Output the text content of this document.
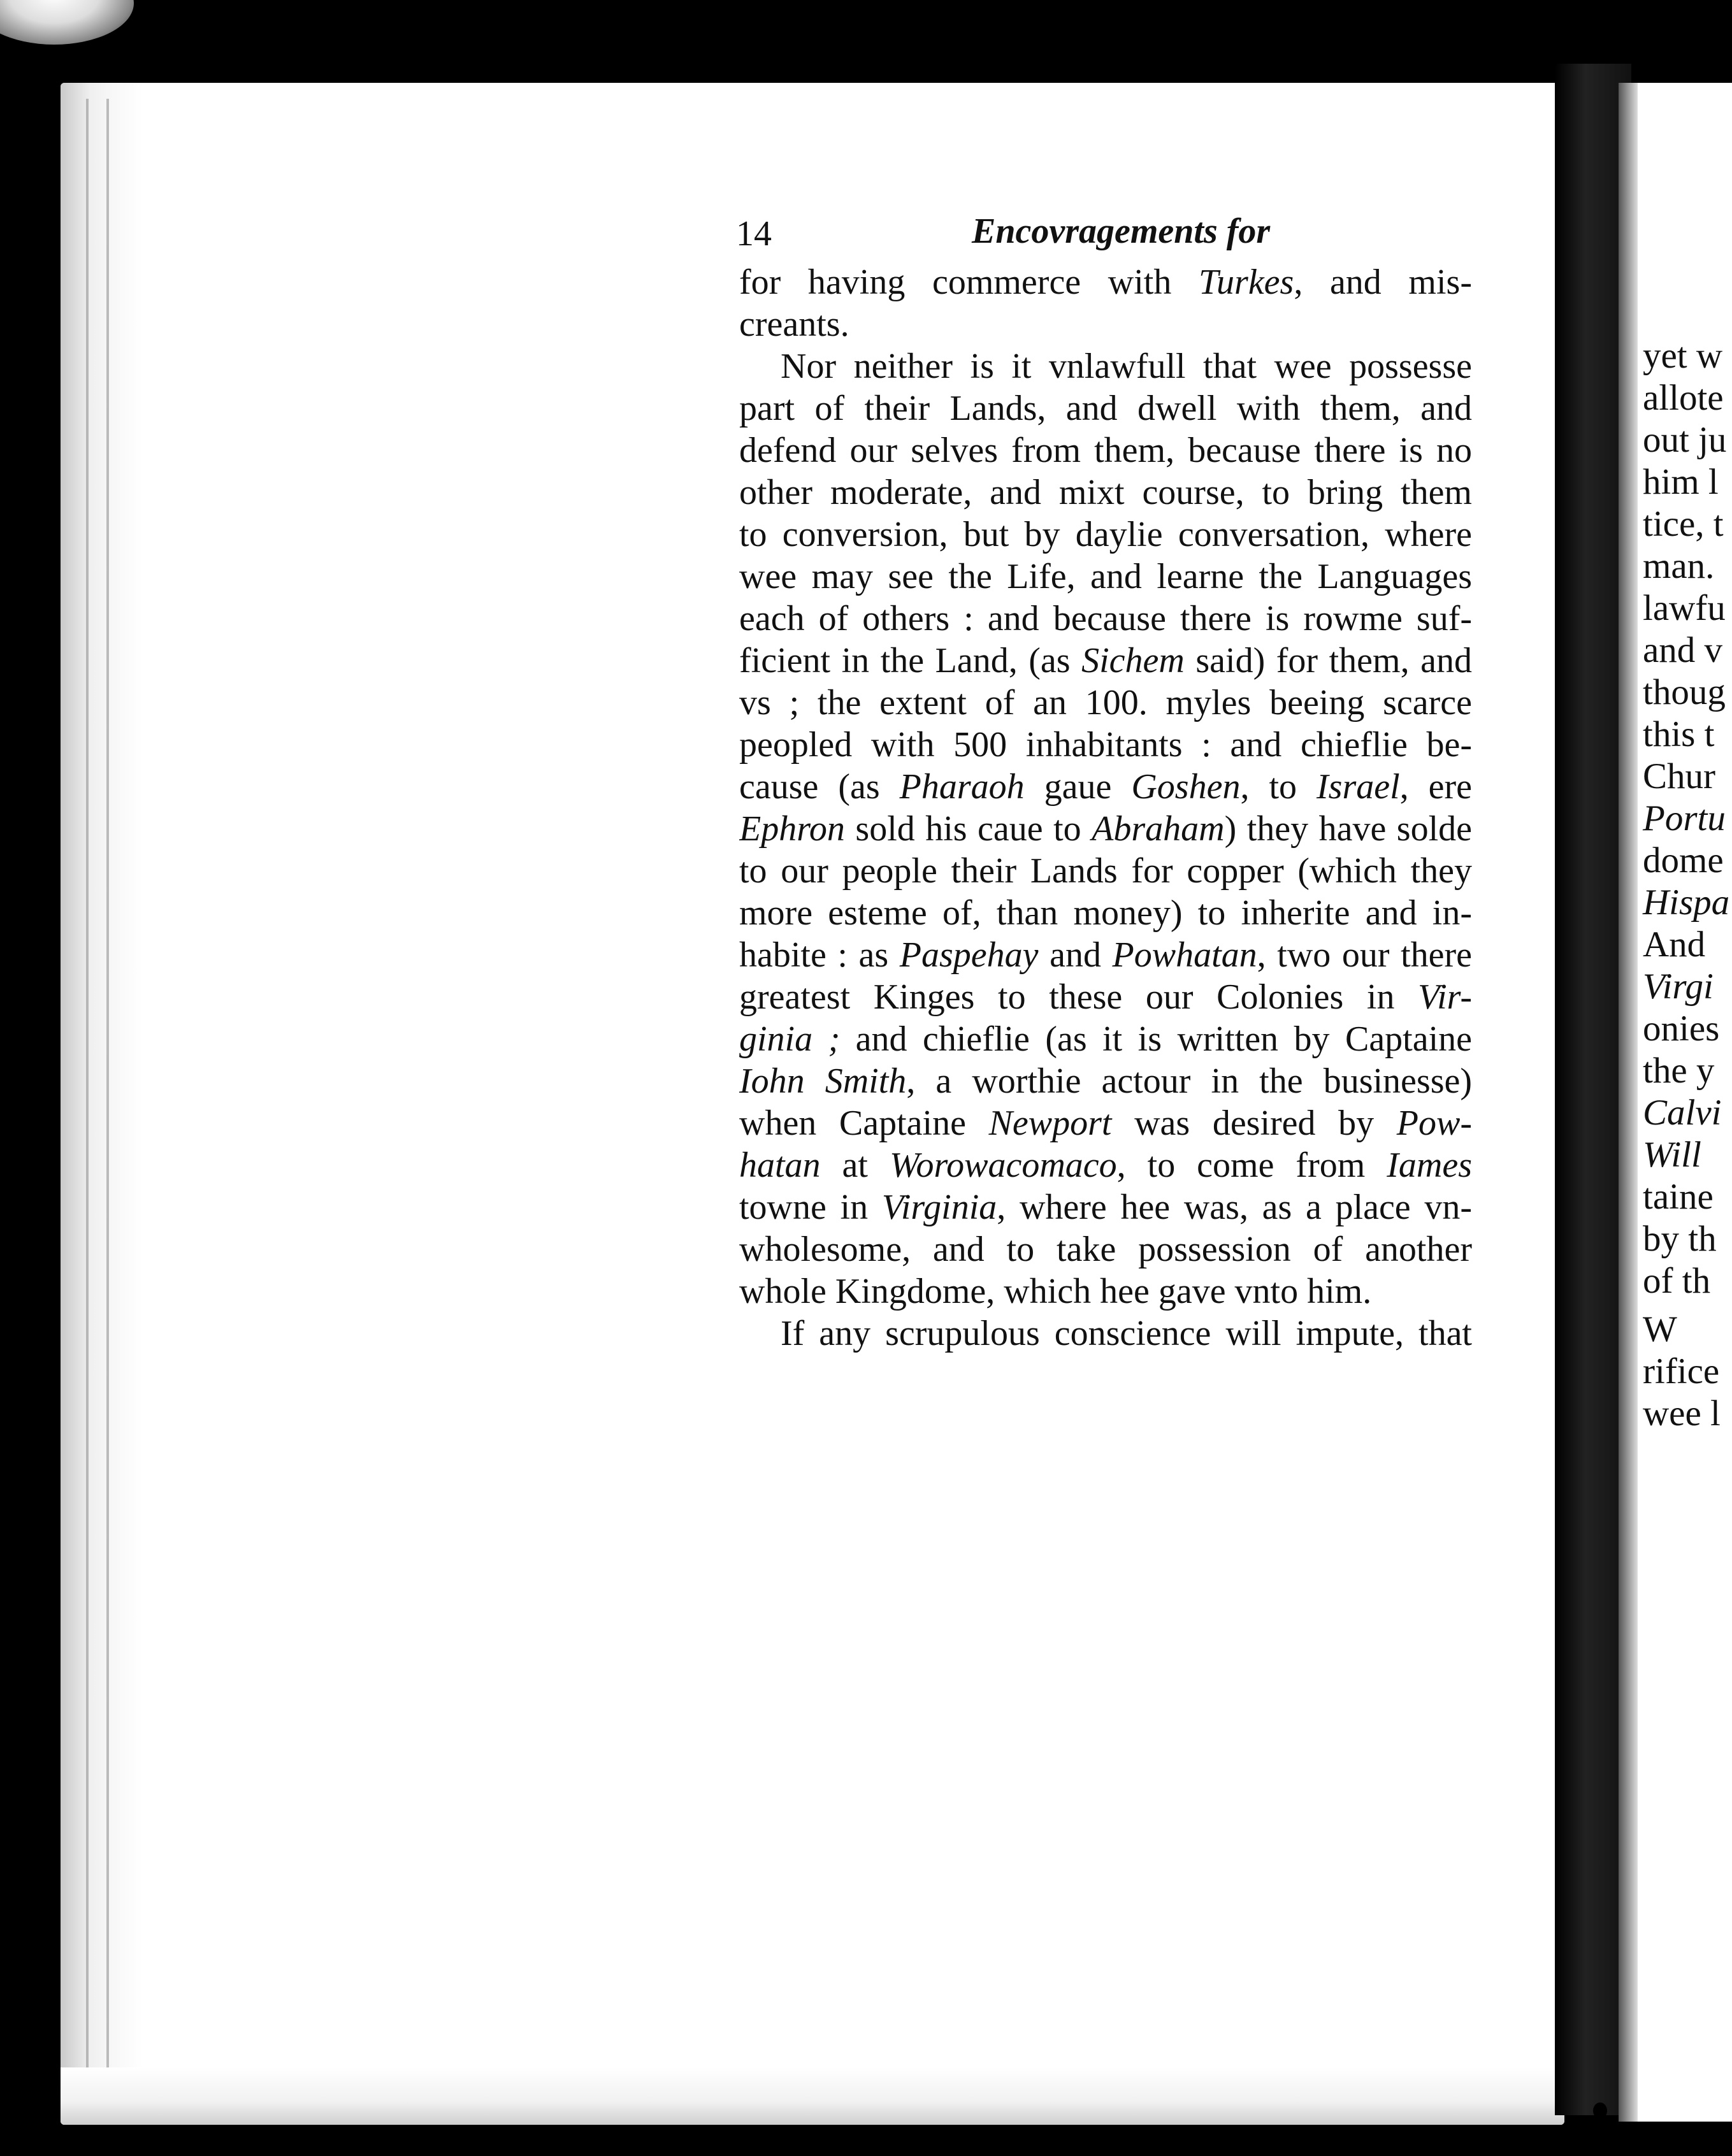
yet w
allote
out ju
him l
tice, t
man.
lawfu
and v
thoug
this t
Chur
Portu
dome
Hispa
And
Virgi
onies
the y
Calvi
Will
taine
by th
of th
W
rifice
wee l
14	Encovragements for
for having commerce with Turkes, and mis-
creants.
Nor neither is it vnlawfull that wee possesse
part of their Lands, and dwell with them, and
defend our selves from them, because there is no
other moderate, and mixt course, to bring them
to conversion, but by daylie conversation, where
wee may see the Life, and learne the Languages
each of others : and because there is rowme suf-
ficient in the Land, (as Sichem said) for them, and
vs ; the extent of an 100. myles beeing scarce
peopled with 500 inhabitants : and chieflie be-
cause (as Pharaoh gaue Goshen, to Israel, ere
Ephron sold his caue to Abraham) they have solde
to our people their Lands for copper (which they
more esteme of, than money) to inherite and in-
habite : as Paspehay and Powhatan, two our there
greatest Kinges to these our Colonies in Vir-
ginia ; and chieflie (as it is written by Captaine
Iohn Smith, a worthie actour in the businesse)
when Captaine Newport was desired by Pow-
hatan at Worowacomaco, to come from Iames
towne in Virginia, where hee was, as a place vn-
wholesome, and to take possession of another
whole Kingdome, which hee gave vnto him.
If any scrupulous conscience will impute, that
